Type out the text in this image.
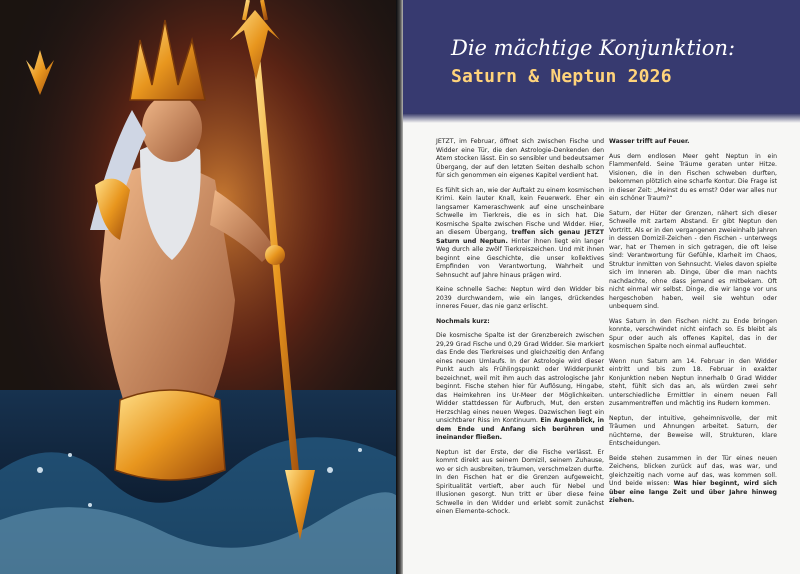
Die mächtige Konjunktion:
Saturn & Neptun 2026

JETZT, im Februar, öffnet sich zwischen Fische und Widder eine Tür, die den Astrologie-Denkenden den Atem stocken lässt. Ein so sensibler und bedeutsamer Übergang, der auf den letzten Seiten deshalb schon für sich genommen ein eigenes Kapitel verdient hat.

Es fühlt sich an, wie der Auftakt zu einem kosmischen Krimi. Kein lauter Knall, kein Feuerwerk. Eher ein langsamer Kameraschwenk auf eine unscheinbare Schwelle im Tierkreis, die es in sich hat. Die Kosmische Spalte zwischen Fische und Widder. Hier, an diesem Übergang, treffen sich genau JETZT Saturn und Neptun. Hinter ihnen liegt ein langer Weg durch alle zwölf Tierkreiszeichen. Und mit ihnen beginnt eine Geschichte, die unser kollektives Empfinden von Verantwortung, Wahrheit und Sehnsucht auf Jahre hinaus prägen wird.

Keine schnelle Sache: Neptun wird den Widder bis 2039 durchwandern, wie ein langes, drückendes inneres Feuer, das nie ganz erlischt.

Nochmals kurz:

Die kosmische Spalte ist der Grenzbereich zwischen 29,29 Grad Fische und 0,29 Grad Widder. Sie markiert das Ende des Tierkreises und gleichzeitig den Anfang eines neuen Umlaufs. In der Astrologie wird dieser Punkt auch als Frühlingspunkt oder Widderpunkt bezeichnet, weil mit ihm auch das astrologische Jahr beginnt. Fische stehen hier für Auflösung, Hingabe, das Heimkehren ins Ur-Meer der Möglichkeiten. Widder stattdessen für Aufbruch, Mut, den ersten Herzschlag eines neuen Weges. Dazwischen liegt ein unsichtbarer Riss im Kontinuum. Ein Augenblick, in dem Ende und Anfang sich berühren und ineinander fließen.

Neptun ist der Erste, der die Fische verlässt. Er kommt direkt aus seinem Domizil, seinem Zuhause, wo er sich ausbreiten, träumen, verschmelzen durfte. In den Fischen hat er die Grenzen aufgeweicht, Spiritualität vertieft, aber auch für Nebel und Illusionen gesorgt. Nun tritt er über diese feine Schwelle in den Widder und erlebt somit zunächst einen Elemente-schock.

Wasser trifft auf Feuer.

Aus dem endlosen Meer geht Neptun in ein Flammenfeld. Seine Träume geraten unter Hitze. Visionen, die in den Fischen schweben durften, bekommen plötzlich eine scharfe Kontur. Die Frage ist in dieser Zeit: „Meinst du es ernst? Oder war alles nur ein schöner Traum?“

Saturn, der Hüter der Grenzen, nähert sich dieser Schwelle mit zartem Abstand. Er gibt Neptun den Vortritt. Als er in den vergangenen zweieinhalb Jahren in dessen Domizil-Zeichen - den Fischen - unterwegs war, hat er Themen in sich getragen, die oft leise sind: Verantwortung für Gefühle, Klarheit im Chaos, Struktur inmitten von Sehnsucht. Vieles davon spielte sich im Inneren ab. Dinge, über die man nachts nachdachte, ohne dass jemand es mitbekam. Oft nicht einmal wir selbst. Dinge, die wir lange vor uns hergeschoben haben, weil sie wehtun oder unbequem sind.

Was Saturn in den Fischen nicht zu Ende bringen konnte, verschwindet nicht einfach so. Es bleibt als Spur oder auch als offenes Kapitel, das in der kosmischen Spalte noch einmal aufleuchtet.

Wenn nun Saturn am 14. Februar in den Widder eintritt und bis zum 18. Februar in exakter Konjunktion neben Neptun innerhalb 0 Grad Widder steht, fühlt sich das an, als würden zwei sehr unterschiedliche Ermittler in einem neuen Fall zusammentreffen und mächtig ins Rudern kommen.

Neptun, der intuitive, geheimnisvolle, der mit Träumen und Ahnungen arbeitet. Saturn, der nüchterne, der Beweise will, Strukturen, klare Entscheidungen.

Beide stehen zusammen in der Tür eines neuen Zeichens, blicken zurück auf das, was war, und gleichzeitig nach vorne auf das, was kommen soll. Und beide wissen: Was hier beginnt, wird sich über eine lange Zeit und über Jahre hinweg ziehen.
